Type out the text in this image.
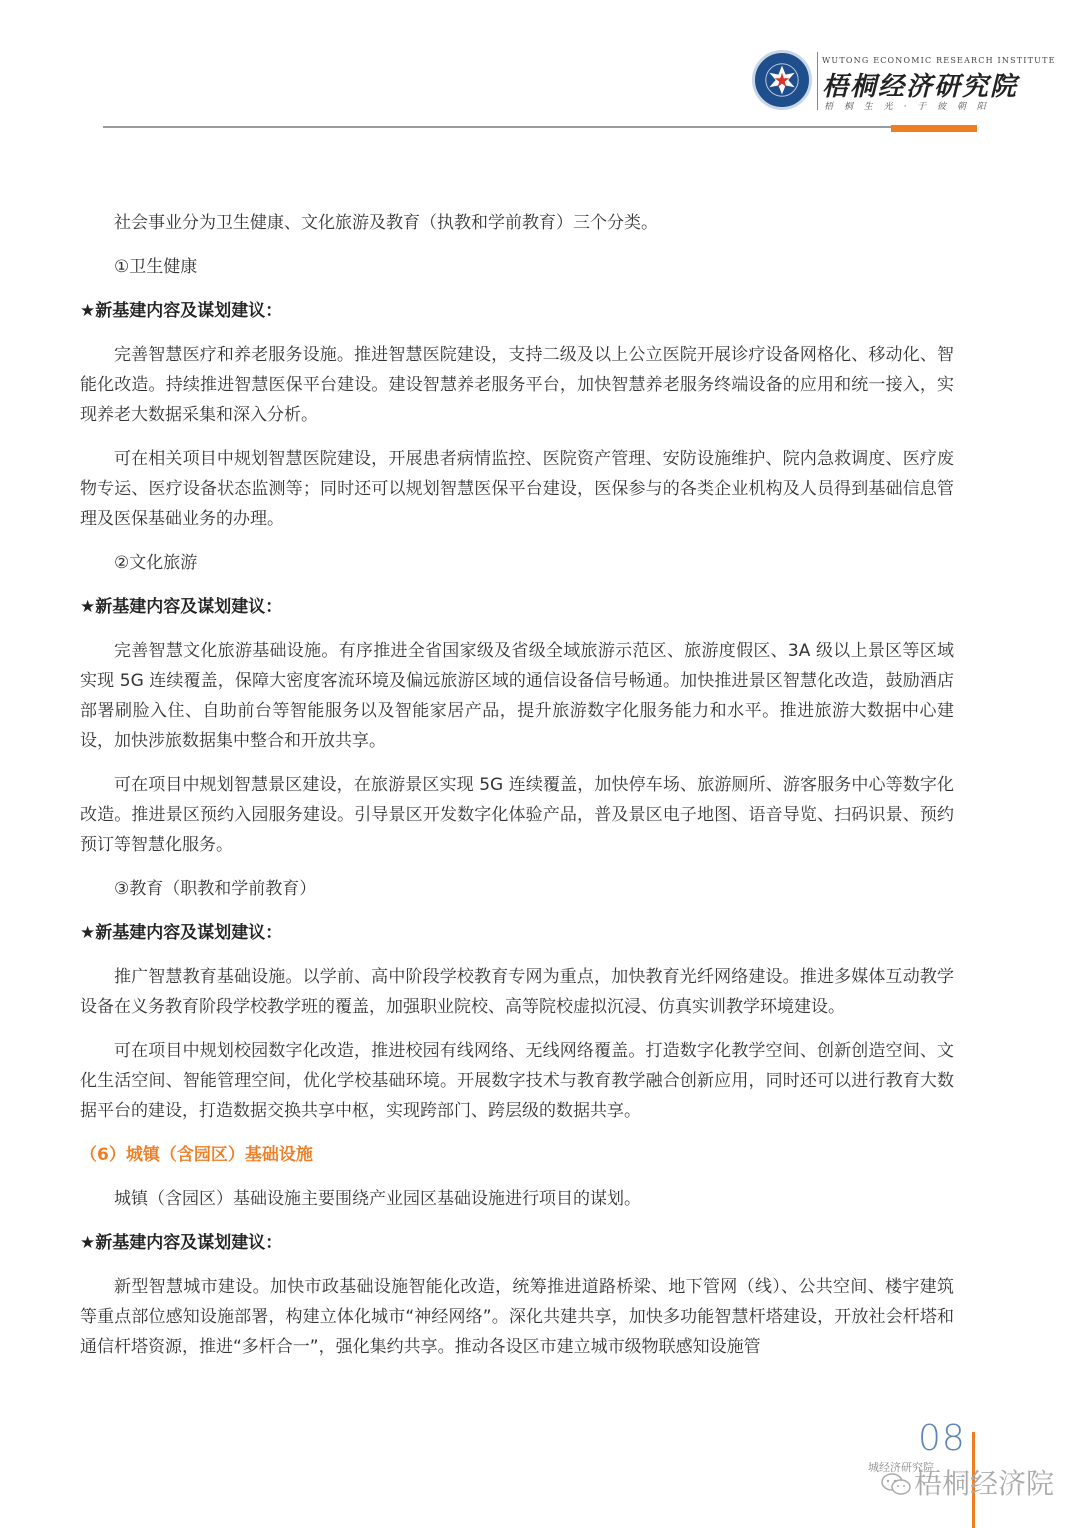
WUTONG ECONOMIC RESEARCH INSTITUTE
梧桐经济研究院
梧 桐 生 光 · 于 彼 朝 阳

社会事业分为卫生健康、文化旅游及教育（执教和学前教育）三个分类。

①卫生健康

★新基建内容及谋划建议：

完善智慧医疗和养老服务设施。推进智慧医院建设，支持二级及以上公立医院开展诊疗设备网格化、移动化、智能化改造。持续推进智慧医保平台建设。建设智慧养老服务平台，加快智慧养老服务终端设备的应用和统一接入，实现养老大数据采集和深入分析。

可在相关项目中规划智慧医院建设，开展患者病情监控、医院资产管理、安防设施维护、院内急救调度、医疗废物专运、医疗设备状态监测等；同时还可以规划智慧医保平台建设，医保参与的各类企业机构及人员得到基础信息管理及医保基础业务的办理。

②文化旅游

★新基建内容及谋划建议：

完善智慧文化旅游基础设施。有序推进全省国家级及省级全域旅游示范区、旅游度假区、3A 级以上景区等区域实现 5G 连续覆盖，保障大密度客流环境及偏远旅游区域的通信设备信号畅通。加快推进景区智慧化改造，鼓励酒店部署刷脸入住、自助前台等智能服务以及智能家居产品，提升旅游数字化服务能力和水平。推进旅游大数据中心建设，加快涉旅数据集中整合和开放共享。

可在项目中规划智慧景区建设，在旅游景区实现 5G 连续覆盖，加快停车场、旅游厕所、游客服务中心等数字化改造。推进景区预约入园服务建设。引导景区开发数字化体验产品，普及景区电子地图、语音导览、扫码识景、预约预订等智慧化服务。

③教育（职教和学前教育）

★新基建内容及谋划建议：

推广智慧教育基础设施。以学前、高中阶段学校教育专网为重点，加快教育光纤网络建设。推进多媒体互动教学设备在义务教育阶段学校教学班的覆盖，加强职业院校、高等院校虚拟沉浸、仿真实训教学环境建设。

可在项目中规划校园数字化改造，推进校园有线网络、无线网络覆盖。打造数字化教学空间、创新创造空间、文化生活空间、智能管理空间，优化学校基础环境。开展数字技术与教育教学融合创新应用，同时还可以进行教育大数据平台的建设，打造数据交换共享中枢，实现跨部门、跨层级的数据共享。

（6）城镇（含园区）基础设施

城镇（含园区）基础设施主要围绕产业园区基础设施进行项目的谋划。

★新基建内容及谋划建议：

新型智慧城市建设。加快市政基础设施智能化改造，统筹推进道路桥梁、地下管网（线）、公共空间、楼宇建筑等重点部位感知设施部署，构建立体化城市“神经网络”。深化共建共享，加快多功能智慧杆塔建设，开放社会杆塔和通信杆塔资源，推进“多杆合一”，强化集约共享。推动各设区市建立城市级物联感知设施管

08
城经济研究院
梧桐经济院
